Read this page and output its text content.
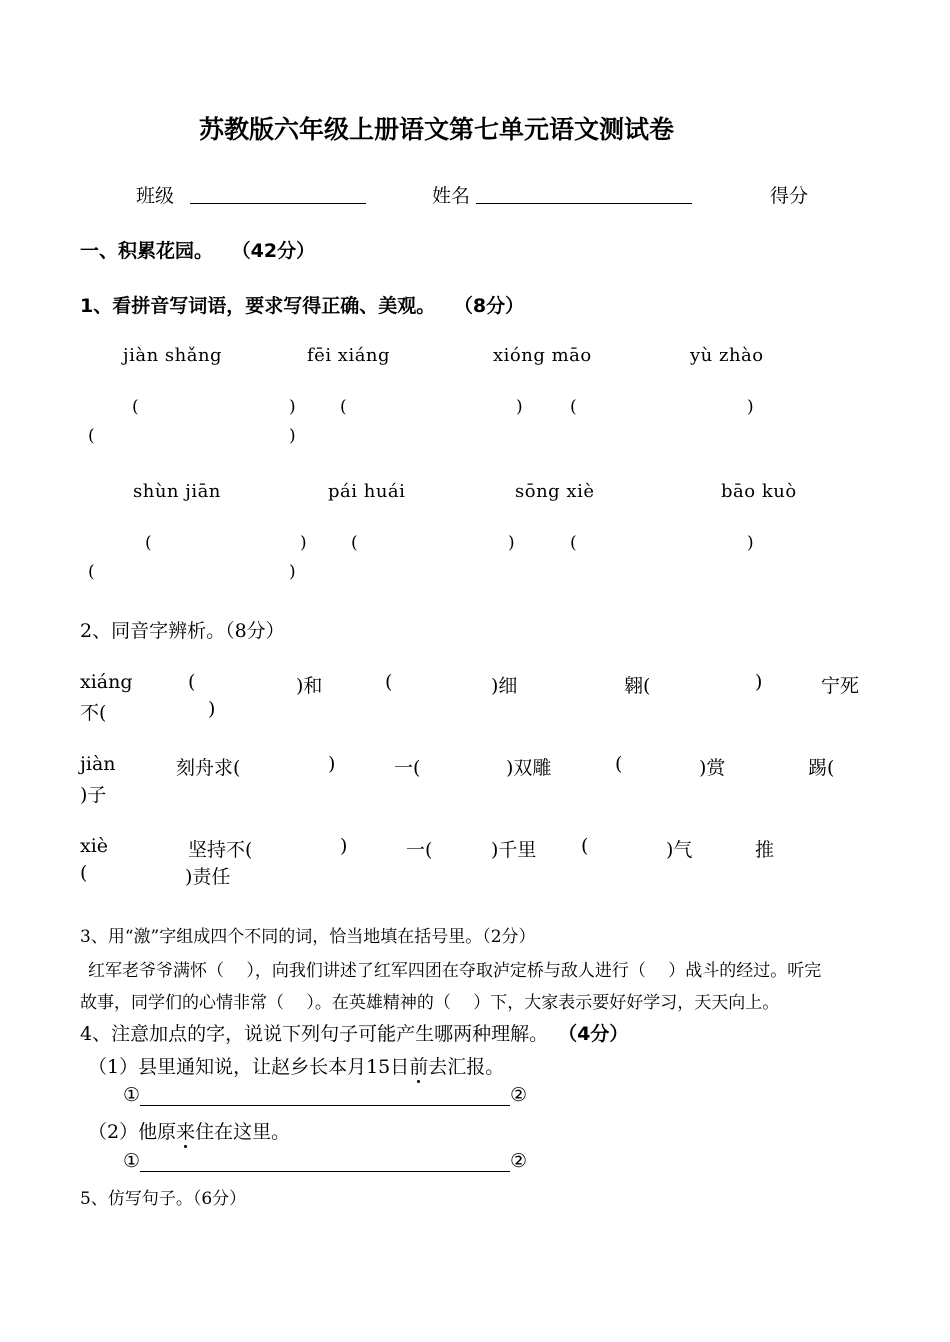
苏教版六年级上册语文第七单元语文测试卷
班级	姓名	得分
一、积累花园。 （42分）
1、看拼音写词语，要求写得正确、美观。 （8分）
jiàn shǎng	fēi xiáng	xióng māo	yù zhào
(	)	(	)	(	)
(	)
shùn jiān	pái huái	sōng xiè	bāo kuò
(	)	(	)	(	)
(	)
2、同音字辨析。（8分）
xiáng	(	)和	(	)细	翱(	)	宁死
不(	)
jiàn	刻舟求(	)	一(	)双雕	(	)赏	踢(
)子
xiè	坚持不(	)	一(	)千里 (	)气	推
(	)责任
3、用“激”字组成四个不同的词，恰当地填在括号里。（2分）
红军老爷爷满怀（　 ），向我们讲述了红军四团在夺取泸定桥与敌人进行（　 ）战斗的经过。听完
故事，同学们的心情非常（　 ）。在英雄精神的（　 ）下，大家表示要好好学习，天天向上。
4、注意加点的字，说说下列句子可能产生哪两种理解。 （4分）
（1）县里通知说，让赵乡长本月15日前去汇报。
①	②
（2）他原来住在这里。
①	②
5、仿写句子。（6分）
